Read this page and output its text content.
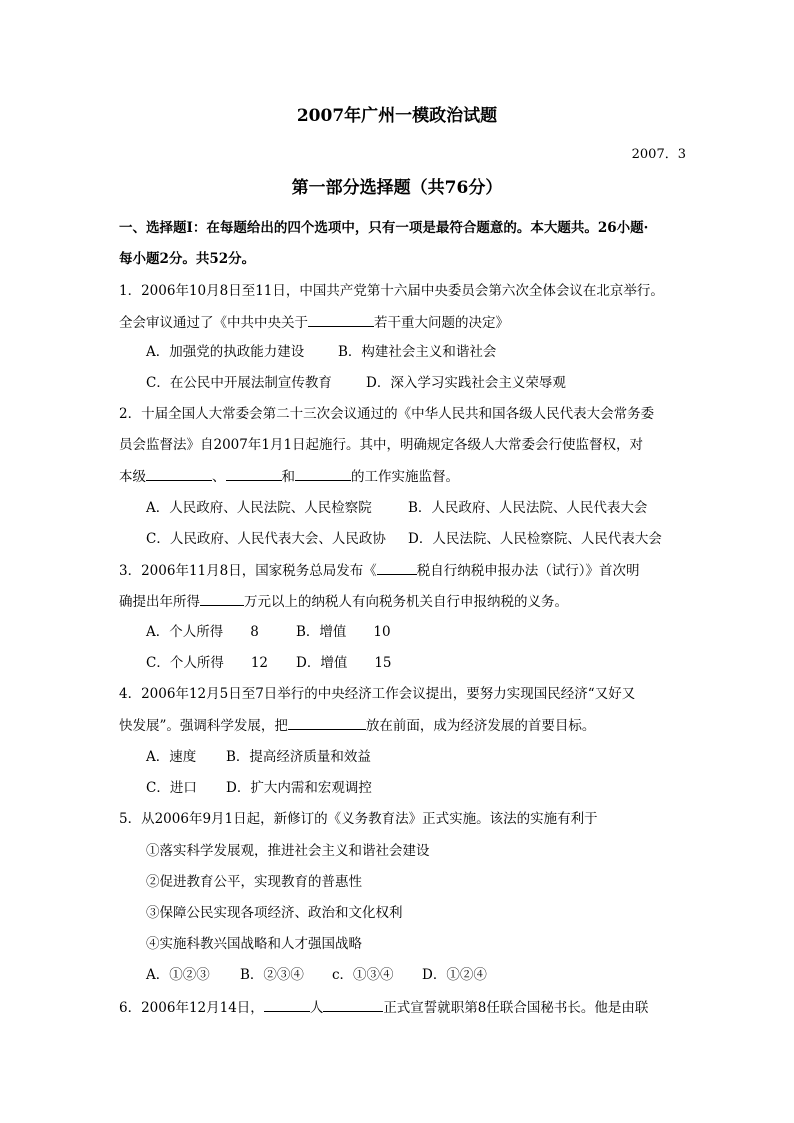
2007年广州一模政治试题
2007．3
第一部分选择题（共76分）
一、选择题Ⅰ：在每题给出的四个选项中，只有一项是最符合题意的。本大题共。26小题·
每小题2分。共52分。
1．2006年10月8日至11日，中国共产党第十六届中央委员会第六次全体会议在北京举行。
全会审议通过了《中共中央关于	若干重大问题的决定》
A．加强党的执政能力建设	B．构建社会主义和谐社会
C．在公民中开展法制宣传教育	D．深入学习实践社会主义荣辱观
2．十届全国人大常委会第二十三次会议通过的《中华人民共和国各级人民代表大会常务委
员会监督法》自2007年1月1日起施行。其中，明确规定各级人大常委会行使监督权，对
本级	、	和	的工作实施监督。
A．人民政府、人民法院、人民检察院	B．人民政府、人民法院、人民代表大会
C．人民政府、人民代表大会、人民政协 D．人民法院、人民检察院、人民代表大会
3．2006年11月8日，国家税务总局发布《	税自行纳税申报办法（试行）》首次明
确提出年所得	万元以上的纳税人有向税务机关自行申报纳税的义务。
A．个人所得　　8	B．增值　　10
C．个人所得　　12 D．增值　　15
4．2006年12月5日至7日举行的中央经济工作会议提出，要努力实现国民经济“又好又
快发展”。强调科学发展，把	放在前面，成为经济发展的首要目标。
A．速度 B．提高经济质量和效益
C．进口 D．扩大内需和宏观调控
5．从2006年9月1日起，新修订的《义务教育法》正式实施。该法的实施有利于
①落实科学发展观，推进社会主义和谐社会建设
②促进教育公平，实现教育的普惠性
③保障公民实现各项经济、政治和文化权利
④实施科教兴国战略和人才强国战略
A．①②③ B．②③④ c．①③④ D．①②④
6．2006年12月14日，	人	正式宣誓就职第8任联合国秘书长。他是由联
